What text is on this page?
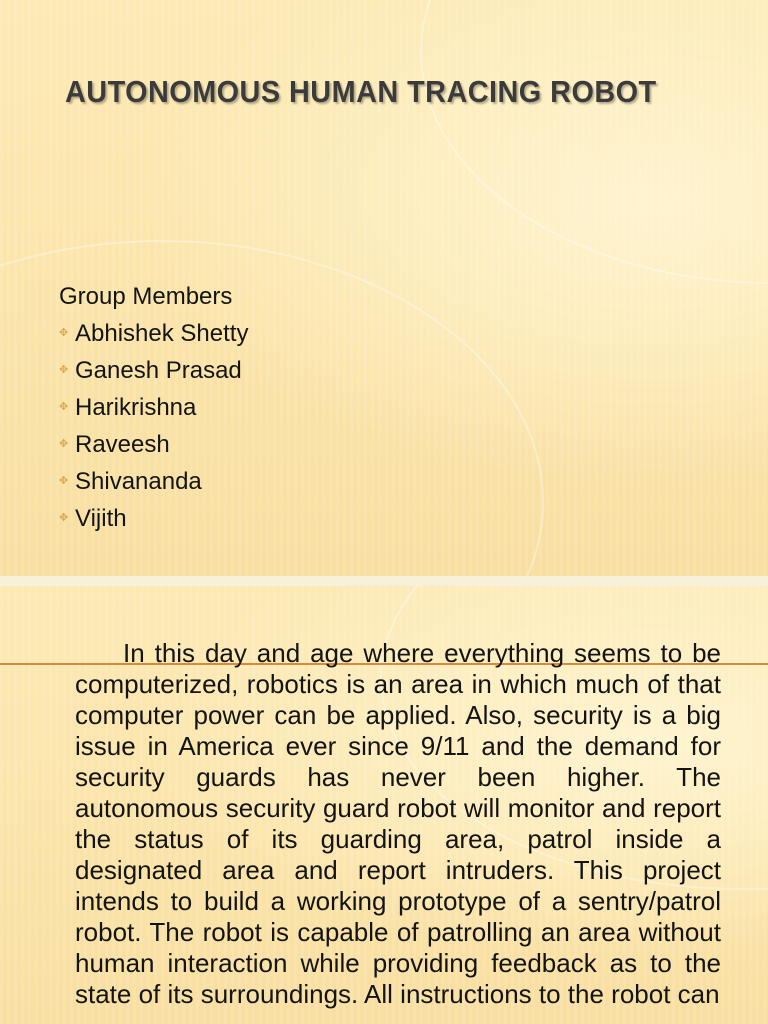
AUTONOMOUS HUMAN TRACING ROBOT
Group Members
✥ Abhishek Shetty
✥ Ganesh Prasad
✥ Harikrishna
✥ Raveesh
✥ Shivananda
✥ Vijith

In this day and age where everything seems to be computerized, robotics is an area in which much of that computer power can be applied. Also, security is a big issue in America ever since 9/11 and the demand for security guards has never been higher. The autonomous security guard robot will monitor and report the status of its guarding area, patrol inside a designated area and report intruders. This project intends to build a working prototype of a sentry/patrol robot. The robot is capable of patrolling an area without human interaction while providing feedback as to the state of its surroundings. All instructions to the robot can
